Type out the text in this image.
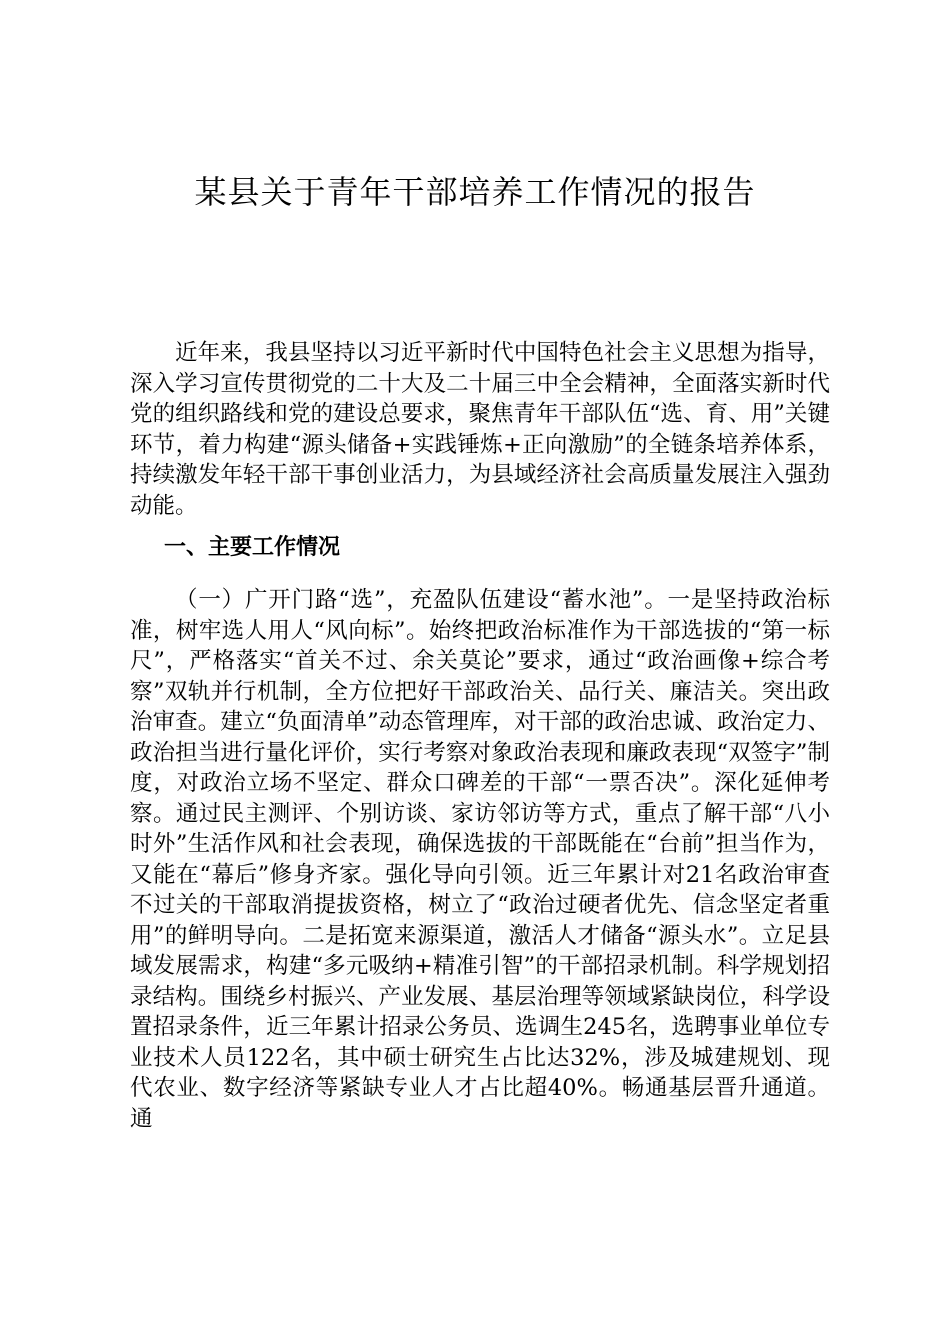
某县关于青年干部培养工作情况的报告

近年来，我县坚持以习近平新时代中国特色社会主义思想为指导，深入学习宣传贯彻党的二十大及二十届三中全会精神，全面落实新时代党的组织路线和党的建设总要求，聚焦青年干部队伍“选、育、用”关键环节，着力构建“源头储备+实践锤炼+正向激励”的全链条培养体系，持续激发年轻干部干事创业活力，为县域经济社会高质量发展注入强劲动能。

一、主要工作情况

（一）广开门路“选”，充盈队伍建设“蓄水池”。一是坚持政治标准，树牢选人用人“风向标”。始终把政治标准作为干部选拔的“第一标尺”，严格落实“首关不过、余关莫论”要求，通过“政治画像+综合考察”双轨并行机制，全方位把好干部政治关、品行关、廉洁关。突出政治审查。建立“负面清单”动态管理库，对干部的政治忠诚、政治定力、政治担当进行量化评价，实行考察对象政治表现和廉政表现“双签字”制度，对政治立场不坚定、群众口碑差的干部“一票否决”。深化延伸考察。通过民主测评、个别访谈、家访邻访等方式，重点了解干部“八小时外”生活作风和社会表现，确保选拔的干部既能在“台前”担当作为，又能在“幕后”修身齐家。强化导向引领。近三年累计对21名政治审查不过关的干部取消提拔资格，树立了“政治过硬者优先、信念坚定者重用”的鲜明导向。二是拓宽来源渠道，激活人才储备“源头水”。立足县域发展需求，构建“多元吸纳+精准引智”的干部招录机制。科学规划招录结构。围绕乡村振兴、产业发展、基层治理等领域紧缺岗位，科学设置招录条件，近三年累计招录公务员、选调生245名，选聘事业单位专业技术人员122名，其中硕士研究生占比达32%，涉及城建规划、现代农业、数字经济等紧缺专业人才占比超40%。畅通基层晋升通道。通
